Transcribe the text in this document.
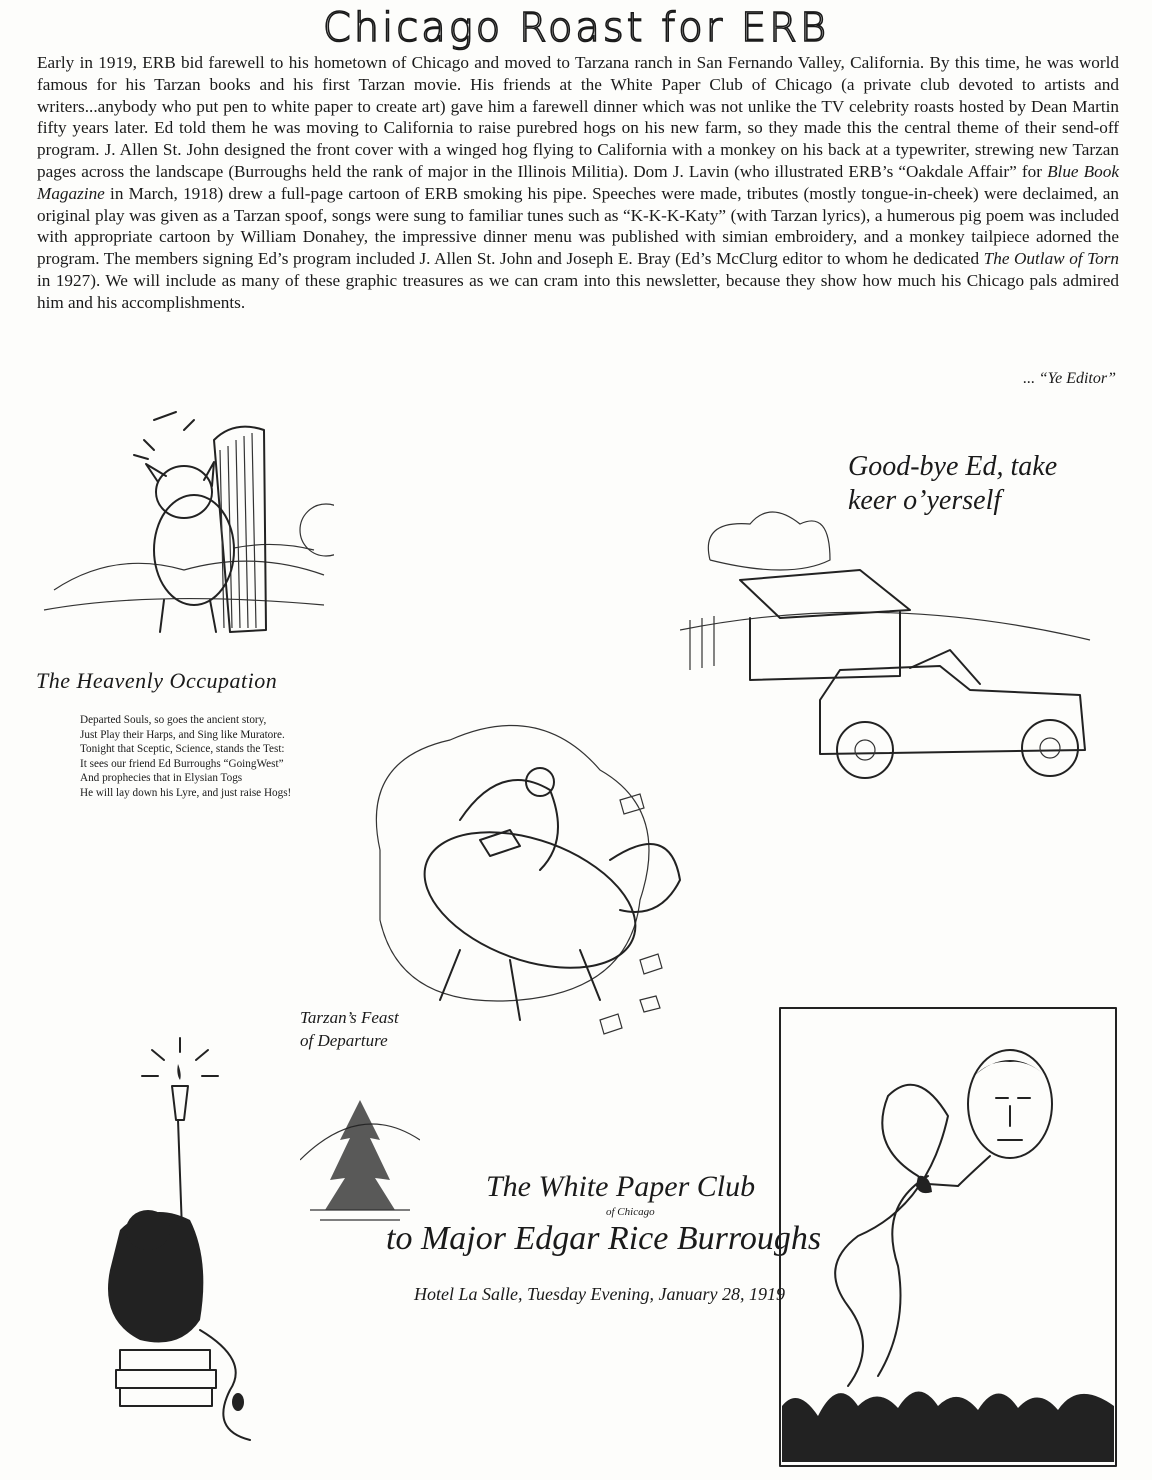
Chicago Roast for ERB

Early in 1919, ERB bid farewell to his hometown of Chicago and moved to Tarzana ranch in San Fernando Valley, California. By this time, he was world famous for his Tarzan books and his first Tarzan movie. His friends at the White Paper Club of Chicago (a private club devoted to artists and writers...anybody who put pen to white paper to create art) gave him a farewell dinner which was not unlike the TV celebrity roasts hosted by Dean Martin fifty years later. Ed told them he was moving to California to raise purebred hogs on his new farm, so they made this the central theme of their send-off program. J. Allen St. John designed the front cover with a winged hog flying to California with a monkey on his back at a typewriter, strewing new Tarzan pages across the landscape (Burroughs held the rank of major in the Illinois Militia). Dom J. Lavin (who illustrated ERB’s “Oakdale Affair” for Blue Book Magazine in March, 1918) drew a full-page cartoon of ERB smoking his pipe. Speeches were made, tributes (mostly tongue-in-cheek) were declaimed, an original play was given as a Tarzan spoof, songs were sung to familiar tunes such as “K-K-K-Katy” (with Tarzan lyrics), a humerous pig poem was included with appropriate cartoon by William Donahey, the impressive dinner menu was published with simian embroidery, and a monkey tailpiece adorned the program. The members signing Ed’s program included J. Allen St. John and Joseph E. Bray (Ed’s McClurg editor to whom he dedicated The Outlaw of Torn in 1927). We will include as many of these graphic treasures as we can cram into this newsletter, because they show how much his Chicago pals admired him and his accomplishments.

... “Ye Editor”
The Heavenly Occupation
Departed Souls, so goes the ancient story,
Just Play their Harps, and Sing like Muratore.
Tonight that Sceptic, Science, stands the Test:
It sees our friend Ed Burroughs “GoingWest”
And prophecies that in Elysian Togs
He will lay down his Lyre, and just raise Hogs!
Good-bye Ed, take
keer o’yerself
Tarzan’s Feast
of Departure
The White Paper Club
of Chicago
to Major Edgar Rice Burroughs
Hotel La Salle, Tuesday Evening, January 28, 1919
